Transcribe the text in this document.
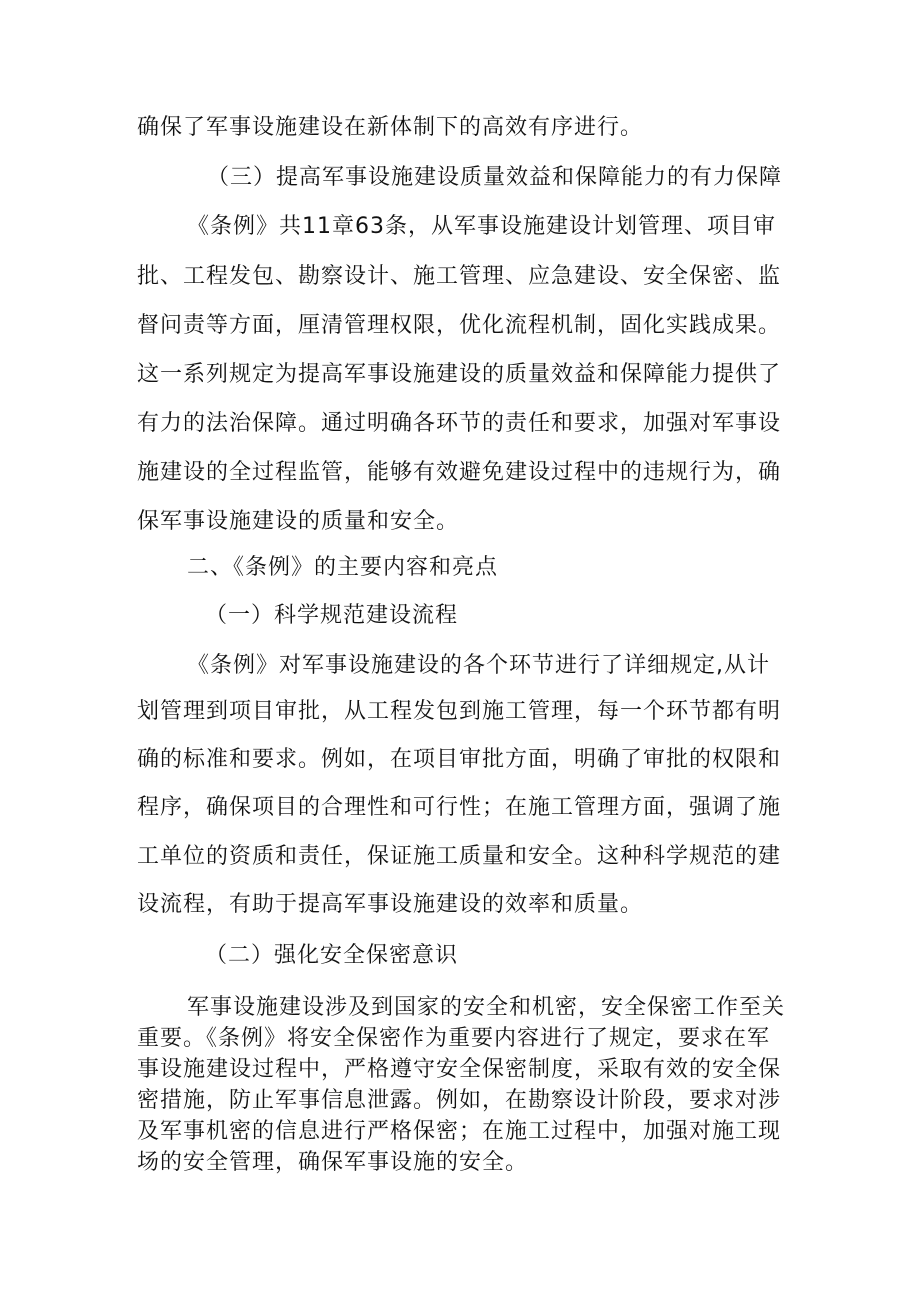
确保了军事设施建设在新体制下的高效有序进行。
（三）提高军事设施建设质量效益和保障能力的有力保障
《条例》共11章63条，从军事设施建设计划管理、项目审
批、工程发包、勘察设计、施工管理、应急建设、安全保密、监
督问责等方面，厘清管理权限，优化流程机制，固化实践成果。
这一系列规定为提高军事设施建设的质量效益和保障能力提供了
有力的法治保障。通过明确各环节的责任和要求，加强对军事设
施建设的全过程监管，能够有效避免建设过程中的违规行为，确
保军事设施建设的质量和安全。
二、《条例》的主要内容和亮点
（一）科学规范建设流程
《条例》对军事设施建设的各个环节进行了详细规定,从计
划管理到项目审批，从工程发包到施工管理，每一个环节都有明
确的标准和要求。例如，在项目审批方面，明确了审批的权限和
程序，确保项目的合理性和可行性；在施工管理方面，强调了施
工单位的资质和责任，保证施工质量和安全。这种科学规范的建
设流程，有助于提高军事设施建设的效率和质量。
（二）强化安全保密意识
军事设施建设涉及到国家的安全和机密，安全保密工作至关
重要。《条例》将安全保密作为重要内容进行了规定，要求在军
事设施建设过程中，严格遵守安全保密制度，采取有效的安全保
密措施，防止军事信息泄露。例如，在勘察设计阶段，要求对涉
及军事机密的信息进行严格保密；在施工过程中，加强对施工现
场的安全管理，确保军事设施的安全。
